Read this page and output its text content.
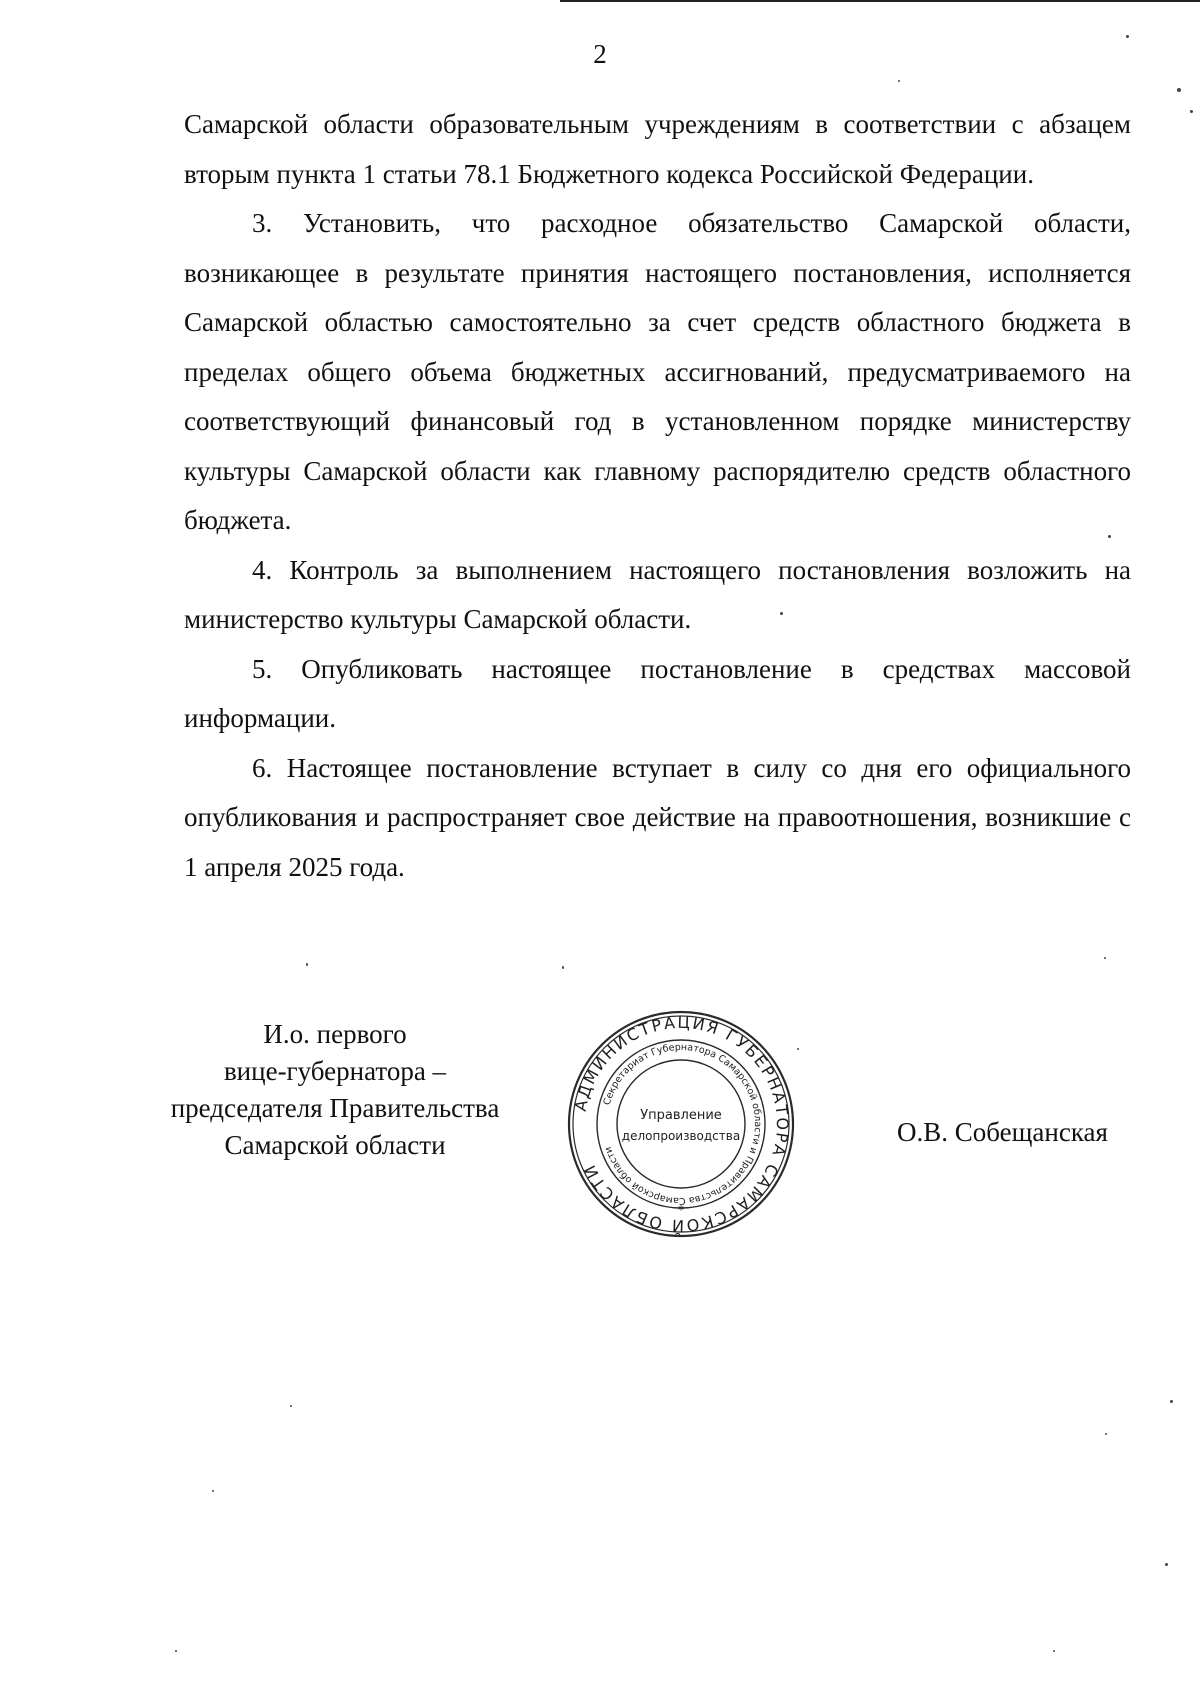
2

Самарской области образовательным учреждениям в соответствии с абзацем вторым пункта 1 статьи 78.1 Бюджетного кодекса Российской Федерации.

3. Установить, что расходное обязательство Самарской области, возникающее в результате принятия настоящего постановления, исполняется Самарской областью самостоятельно за счет средств областного бюджета в пределах общего объема бюджетных ассигнований, предусматриваемого на соответствующий финансовый год в установленном порядке министерству культуры Самарской области как главному распорядителю средств областного бюджета.

4. Контроль за выполнением настоящего постановления возложить на министерство культуры Самарской области.

5. Опубликовать настоящее постановление в средствах массовой информации.

6. Настоящее постановление вступает в силу со дня его официального опубликования и распространяет свое действие на правоотношения, возникшие с 1 апреля 2025 года.

И.о. первого
вице-губернатора –
председателя Правительства
Самарской области
АДМИНИСТРАЦИЯ ГУБЕРНАТОРА САМАРСКОЙ ОБЛАСТИ
Секретариат Губернатора Самарской области и Правительства Самарской области
Управление
делопроизводства
*
О.В. Собещанская
